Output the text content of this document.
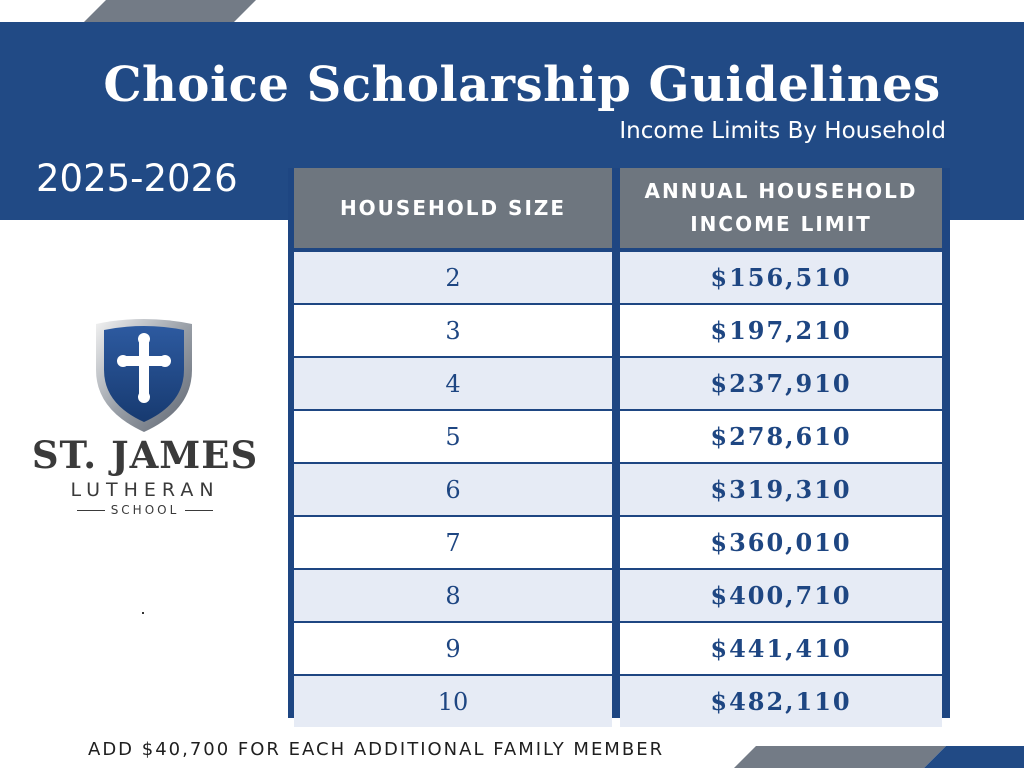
Choice Scholarship Guidelines
Income Limits By Household
2025-2026
HOUSEHOLD SIZE
ANNUAL HOUSEHOLD INCOME LIMIT
2	$156,510
3	$197,210
4	$237,910
5	$278,610
6	$319,310
7	$360,010
8	$400,710
9	$441,410
10	$482,110
ST. JAMES
LUTHERAN
SCHOOL
ADD $40,700 FOR EACH ADDITIONAL FAMILY MEMBER
